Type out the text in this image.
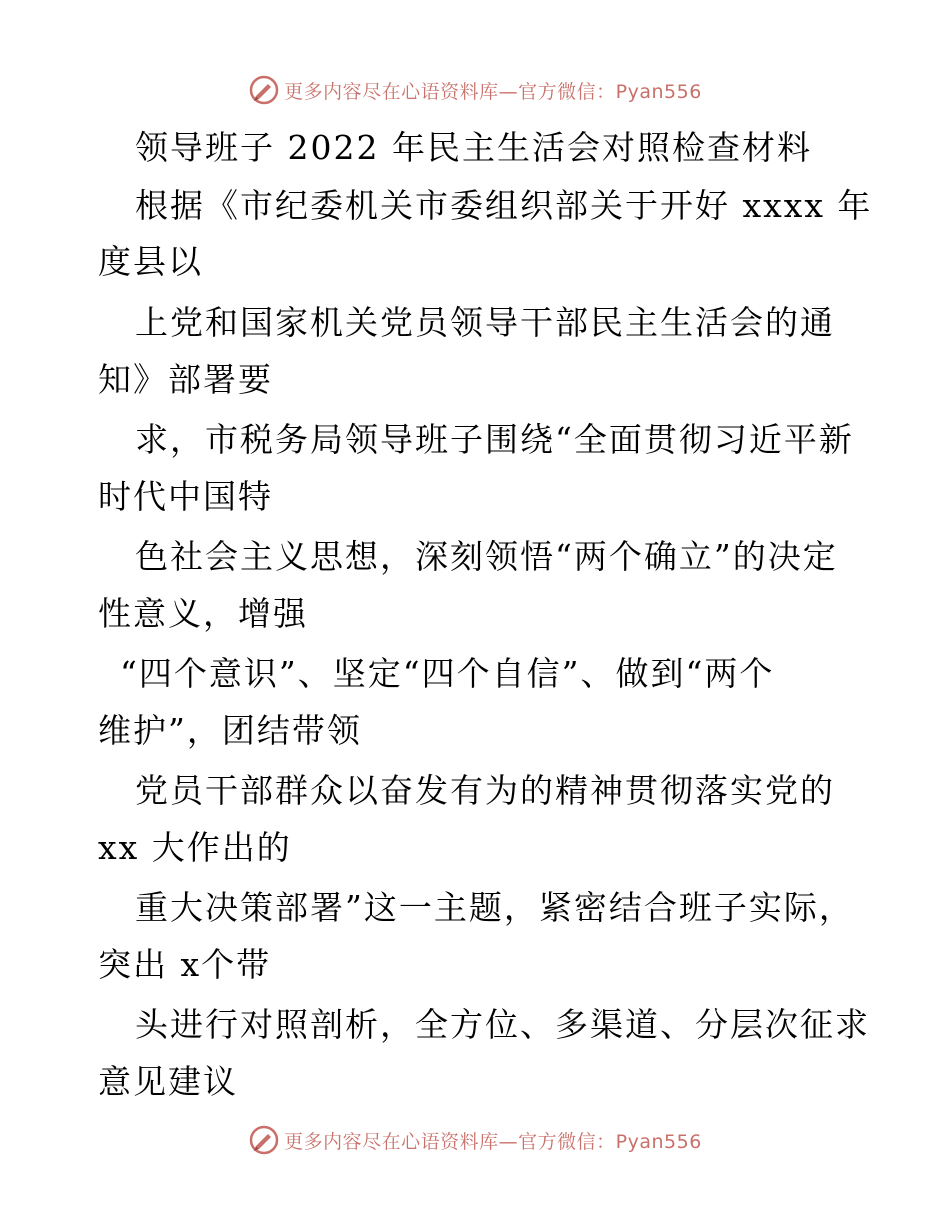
更多内容尽在心语资料库—官方微信：Pyan556
领导班子 2022 年民主生活会对照检查材料
根据《市纪委机关市委组织部关于开好 xxxx 年
度县以
上党和国家机关党员领导干部民主生活会的通
知》部署要
求，市税务局领导班子围绕“全面贯彻习近平新
时代中国特
色社会主义思想，深刻领悟“两个确立”的决定
性意义，增强
“四个意识”、坚定“四个自信”、做到“两个
维护”，团结带领
党员干部群众以奋发有为的精神贯彻落实党的
xx 大作出的
重大决策部署”这一主题，紧密结合班子实际，
突出 x个带
头进行对照剖析，全方位、多渠道、分层次征求
意见建议
更多内容尽在心语资料库—官方微信：Pyan556
